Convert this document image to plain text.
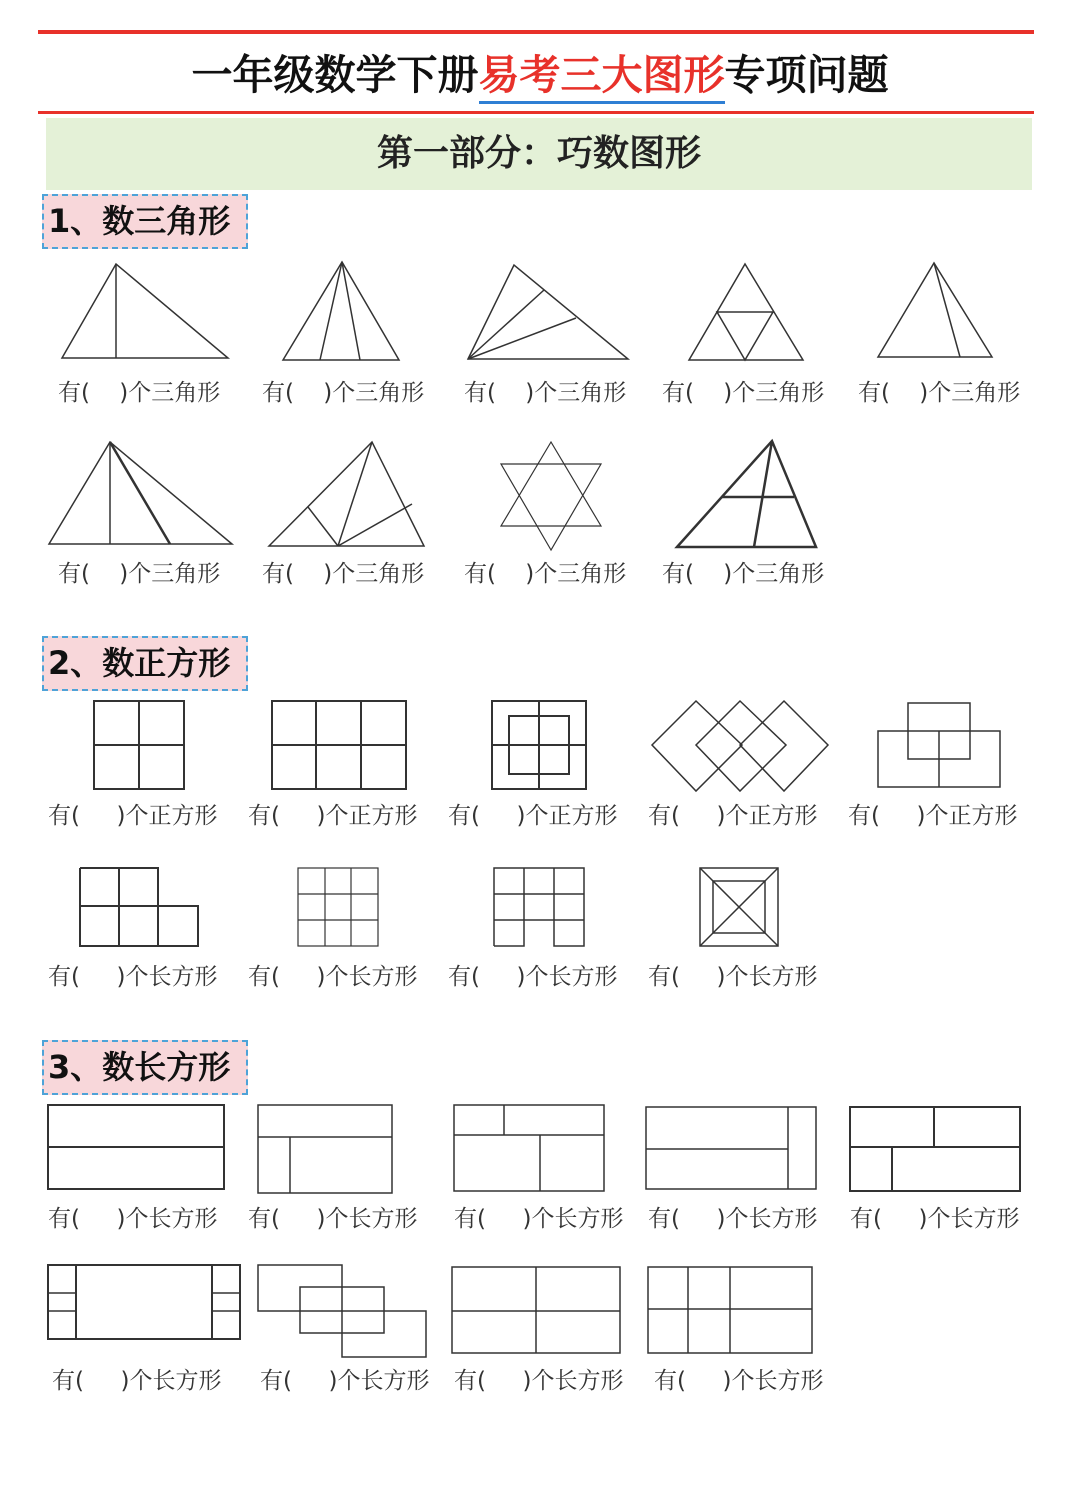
一年级数学下册易考三大图形专项问题
第一部分：巧数图形
1、数三角形
有(    )个三角形 有(    )个三角形 有(    )个三角形 有(    )个三角形 有(    )个三角形
有(    )个三角形 有(    )个三角形 有(    )个三角形 有(    )个三角形
2、数正方形
有(     )个正方形 有(     )个正方形 有(     )个正方形 有(     )个正方形 有(     )个正方形
有(     )个长方形 有(     )个长方形 有(     )个长方形 有(     )个长方形
3、数长方形
有(     )个长方形 有(     )个长方形 有(     )个长方形 有(     )个长方形 有(     )个长方形
有(     )个长方形 有(     )个长方形 有(     )个长方形 有(     )个长方形
